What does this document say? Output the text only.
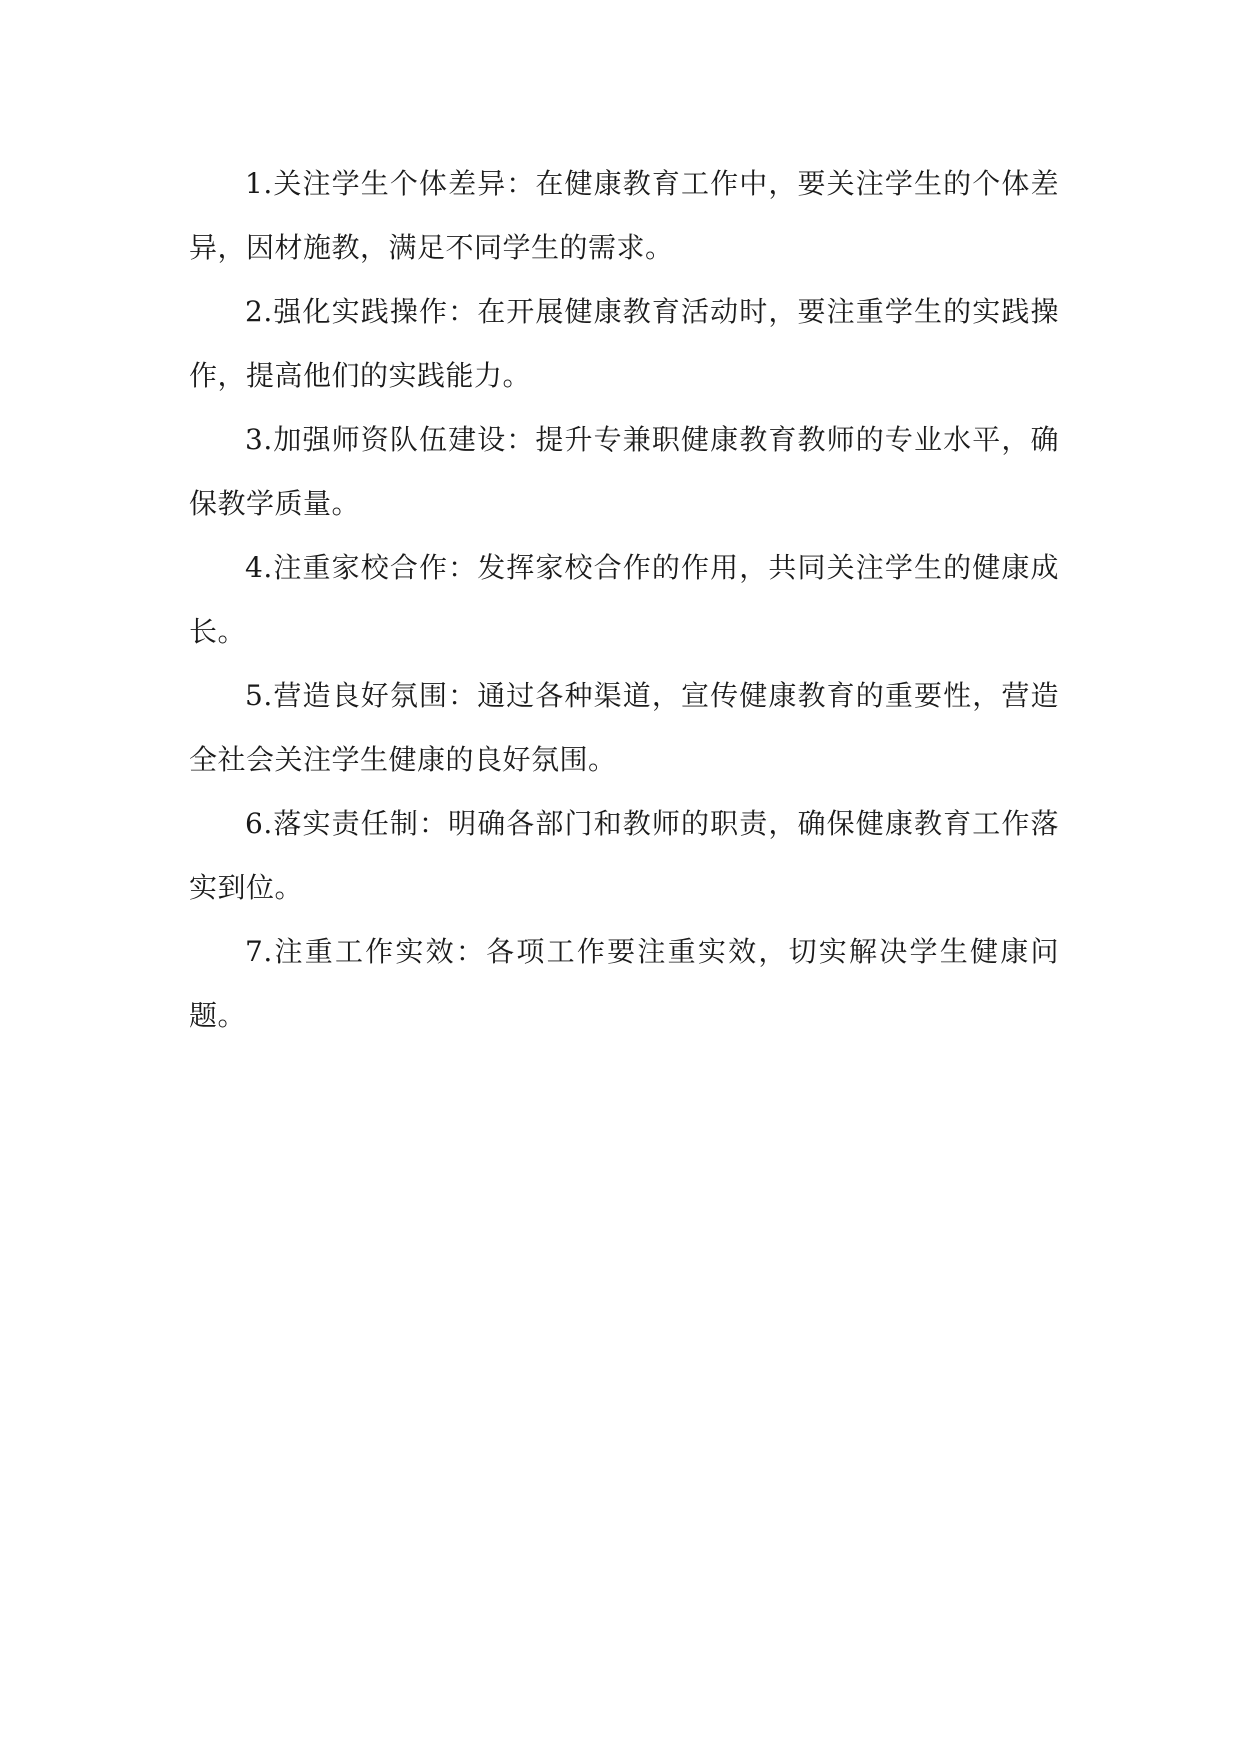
1.关注学生个体差异：在健康教育工作中，要关注学生的个体差异，因材施教，满足不同学生的需求。

2.强化实践操作：在开展健康教育活动时，要注重学生的实践操作，提高他们的实践能力。

3.加强师资队伍建设：提升专兼职健康教育教师的专业水平，确保教学质量。

4.注重家校合作：发挥家校合作的作用，共同关注学生的健康成长。

5.营造良好氛围：通过各种渠道，宣传健康教育的重要性，营造全社会关注学生健康的良好氛围。

6.落实责任制：明确各部门和教师的职责，确保健康教育工作落实到位。

7.注重工作实效：各项工作要注重实效，切实解决学生健康问题。
